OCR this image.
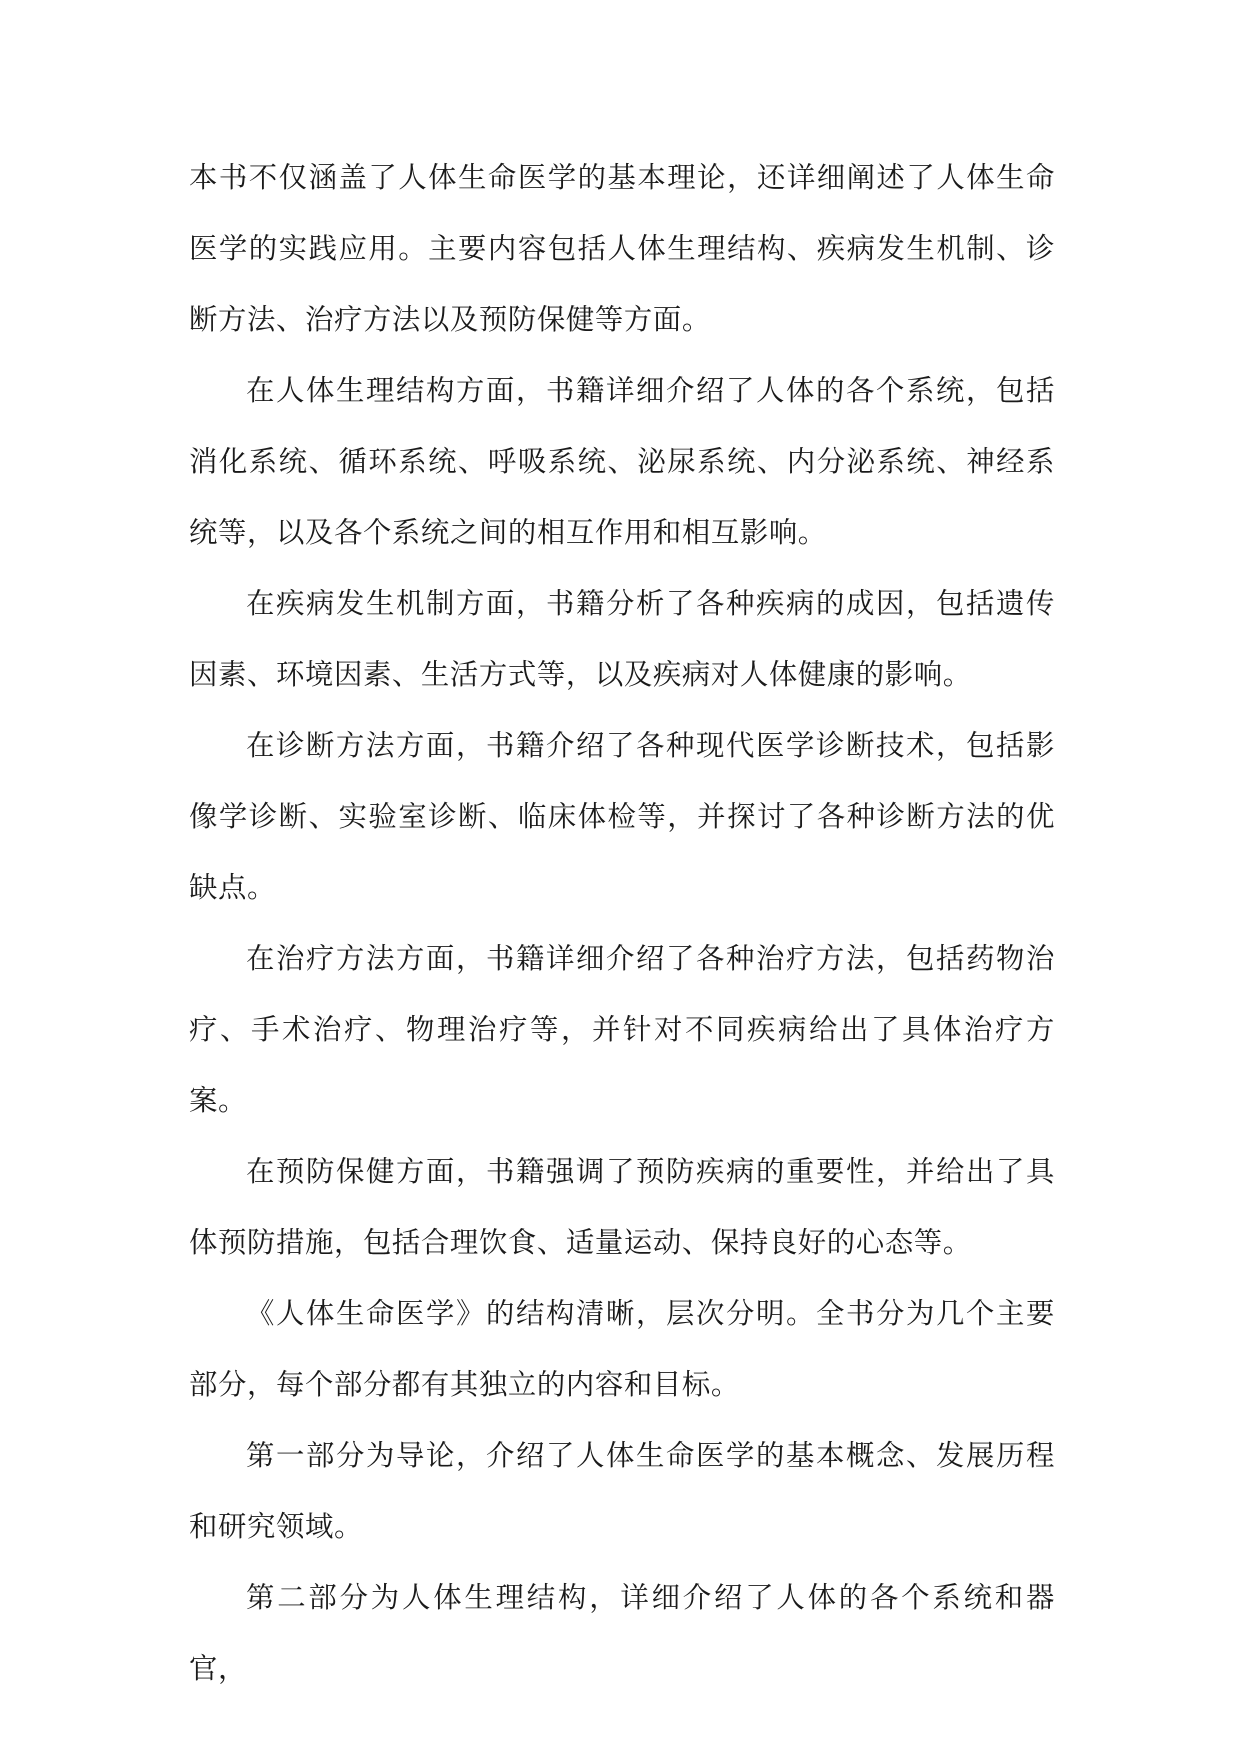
本书不仅涵盖了人体生命医学的基本理论，还详细阐述了人体生命医学的实践应用。主要内容包括人体生理结构、疾病发生机制、诊断方法、治疗方法以及预防保健等方面。

在人体生理结构方面，书籍详细介绍了人体的各个系统，包括消化系统、循环系统、呼吸系统、泌尿系统、内分泌系统、神经系统等，以及各个系统之间的相互作用和相互影响。

在疾病发生机制方面，书籍分析了各种疾病的成因，包括遗传因素、环境因素、生活方式等，以及疾病对人体健康的影响。

在诊断方法方面，书籍介绍了各种现代医学诊断技术，包括影像学诊断、实验室诊断、临床体检等，并探讨了各种诊断方法的优缺点。

在治疗方法方面，书籍详细介绍了各种治疗方法，包括药物治疗、手术治疗、物理治疗等，并针对不同疾病给出了具体治疗方案。

在预防保健方面，书籍强调了预防疾病的重要性，并给出了具体预防措施，包括合理饮食、适量运动、保持良好的心态等。

《人体生命医学》的结构清晰，层次分明。全书分为几个主要部分，每个部分都有其独立的内容和目标。

第一部分为导论，介绍了人体生命医学的基本概念、发展历程和研究领域。

第二部分为人体生理结构，详细介绍了人体的各个系统和器官，
